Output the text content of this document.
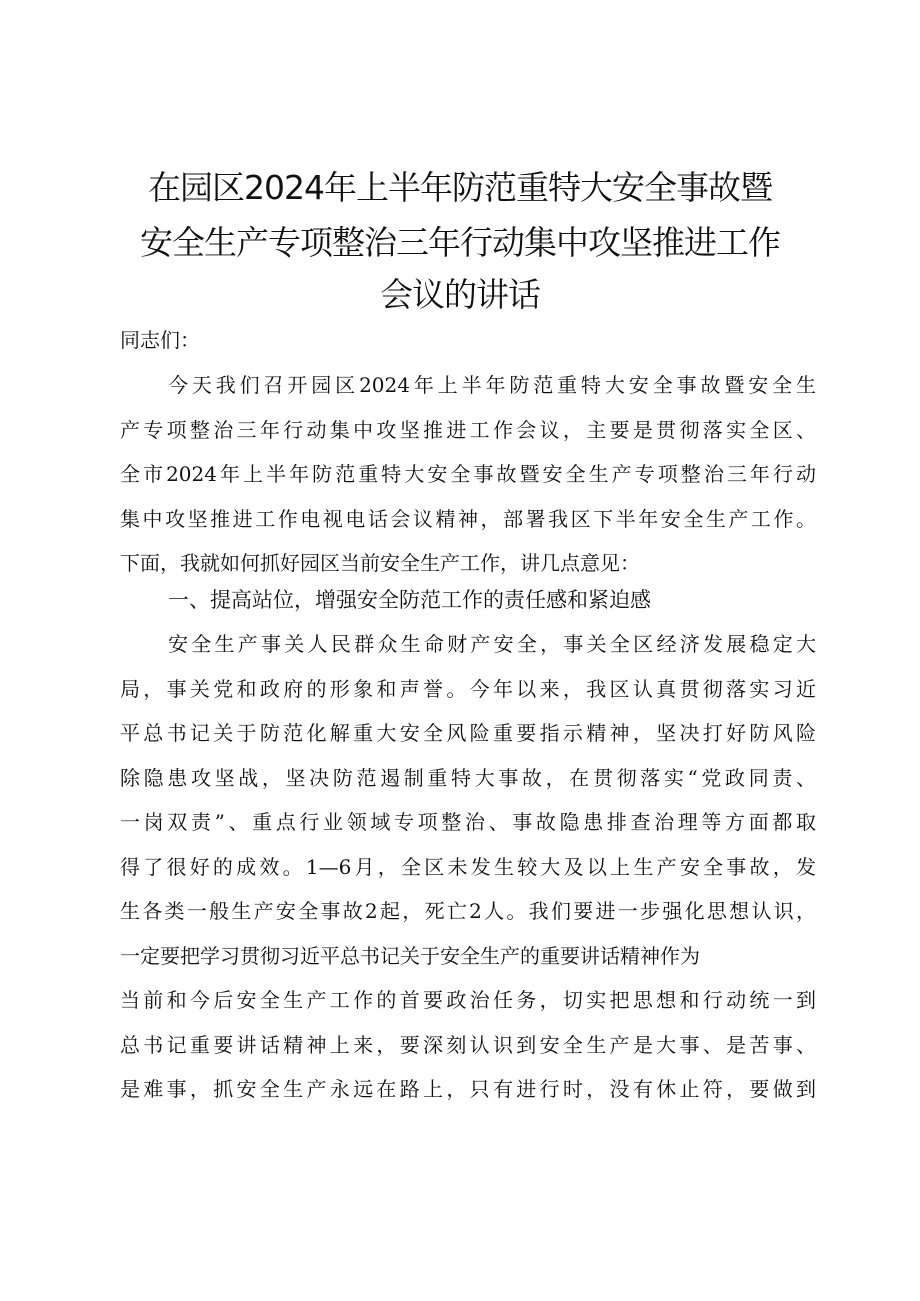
在园区2024年上半年防范重特大安全事故暨
安全生产专项整治三年行动集中攻坚推进工作
会议的讲话

同志们：

今天我们召开园区2024年上半年防范重特大安全事故暨安全生
产专项整治三年行动集中攻坚推进工作会议，主要是贯彻落实全区、
全市2024年上半年防范重特大安全事故暨安全生产专项整治三年行动
集中攻坚推进工作电视电话会议精神，部署我区下半年安全生产工作。
下面，我就如何抓好园区当前安全生产工作，讲几点意见：
一、提高站位，增强安全防范工作的责任感和紧迫感
安全生产事关人民群众生命财产安全，事关全区经济发展稳定大
局，事关党和政府的形象和声誉。今年以来，我区认真贯彻落实习近
平总书记关于防范化解重大安全风险重要指示精神，坚决打好防风险
除隐患攻坚战，坚决防范遏制重特大事故，在贯彻落实“党政同责、
一岗双责”、重点行业领域专项整治、事故隐患排查治理等方面都取
得了很好的成效。1—6月，全区未发生较大及以上生产安全事故，发
生各类一般生产安全事故2起，死亡2人。我们要进一步强化思想认识，
一定要把学习贯彻习近平总书记关于安全生产的重要讲话精神作为
当前和今后安全生产工作的首要政治任务，切实把思想和行动统一到
总书记重要讲话精神上来，要深刻认识到安全生产是大事、是苦事、
是难事，抓安全生产永远在路上，只有进行时，没有休止符，要做到
